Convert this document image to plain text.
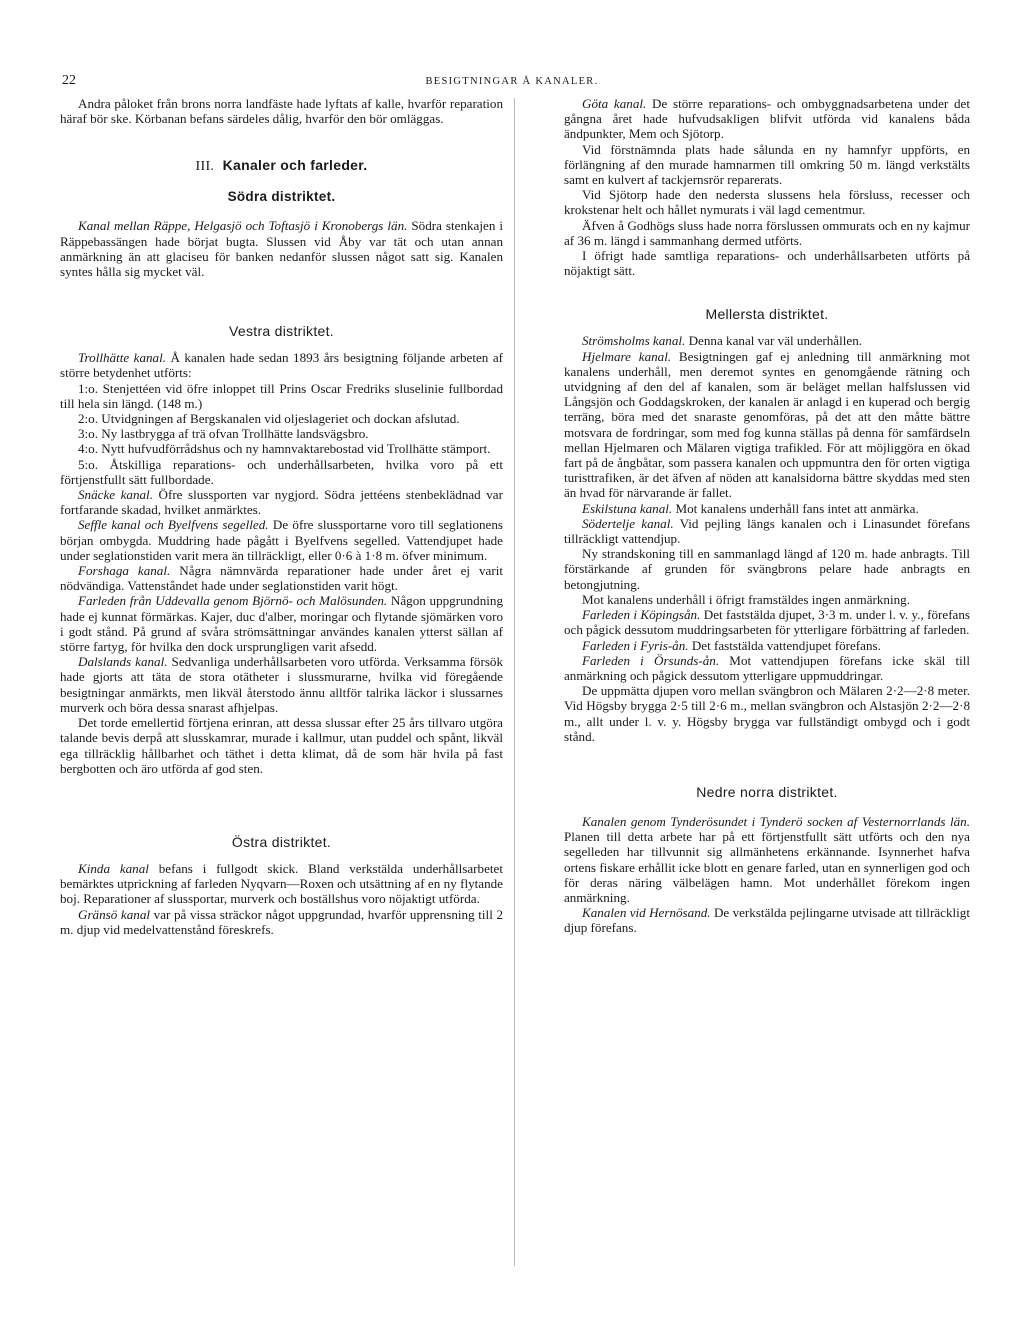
22	BESIGTNINGAR Å KANALER.

Andra påloket från brons norra landfäste hade lyftats af kalle, hvarför reparation häraf bör ske. Körbanan befans särdeles dålig, hvarför den bör omläggas.

III. Kanaler och farleder.
Södra distriktet.

Kanal mellan Räppe, Helgasjö och Toftasjö i Kronobergs län. Södra stenkajen i Räppebassängen hade börjat bugta. Slussen vid Åby var tät och utan annan anmärkning än att glaciseu för banken nedanför slussen något satt sig. Kanalen syntes hålla sig mycket väl.

Vestra distriktet.

Trollhätte kanal. Å kanalen hade sedan 1893 års besigtning följande arbeten af större betydenhet utförts:

1:o. Stenjettéen vid öfre inloppet till Prins Oscar Fredriks sluselinie fullbordad till hela sin längd. (148 m.)

2:o. Utvidgningen af Bergskanalen vid oljeslageriet och dockan afslutad.

3:o. Ny lastbrygga af trä ofvan Trollhätte landsvägsbro.

4:o. Nytt hufvudförrådshus och ny hamnvaktarebostad vid Trollhätte stämport.

5:o. Åtskilliga reparations- och underhållsarbeten, hvilka voro på ett förtjenstfullt sätt fullbordade.

Snäcke kanal. Öfre slussporten var nygjord. Södra jettéens stenbeklädnad var fortfarande skadad, hvilket anmärktes.

Seffle kanal och Byelfvens segelled. De öfre slussportarne voro till seglationens början ombygda. Muddring hade pågått i Byelfvens segelled. Vattendjupet hade under seglationstiden varit mera än tillräckligt, eller 0·6 à 1·8 m. öfver minimum.

Forshaga kanal. Några nämnvärda reparationer hade under året ej varit nödvändiga. Vattenståndet hade under seglationstiden varit högt.

Farleden från Uddevalla genom Björnö- och Malösunden. Någon uppgrundning hade ej kunnat förmärkas. Kajer, duc d'alber, moringar och flytande sjömärken voro i godt stånd. På grund af svåra strömsättningar användes kanalen ytterst sällan af större fartyg, för hvilka den dock ursprungligen varit afsedd.

Dalslands kanal. Sedvanliga underhållsarbeten voro utförda. Verksamma försök hade gjorts att täta de stora otätheter i slussmurarne, hvilka vid föregående besigtningar anmärkts, men likväl återstodo ännu alltför talrika läckor i slussarnes murverk och böra dessa snarast afhjelpas.

Det torde emellertid förtjena erinran, att dessa slussar efter 25 års tillvaro utgöra talande bevis derpå att slusskamrar, murade i kallmur, utan puddel och spånt, likväl ega tillräcklig hållbarhet och täthet i detta klimat, då de som här hvila på fast bergbotten och äro utförda af god sten.

Östra distriktet.

Kinda kanal befans i fullgodt skick. Bland verkstälda underhållsarbetet bemärktes utprickning af farleden Nyqvarn—Roxen och utsättning af en ny flytande boj. Reparationer af slussportar, murverk och boställshus voro nöjaktigt utförda.

Gränsö kanal var på vissa sträckor något uppgrundad, hvarför upprensning till 2 m. djup vid medelvattenstånd föreskrefs.

Göta kanal. De större reparations- och ombyggnadsarbetena under det gångna året hade hufvudsakligen blifvit utförda vid kanalens båda ändpunkter, Mem och Sjötorp.

Vid förstnämnda plats hade sålunda en ny hamnfyr uppförts, en förlängning af den murade hamnarmen till omkring 50 m. längd verkstälts samt en kulvert af tackjernsrör reparerats.

Vid Sjötorp hade den nedersta slussens hela försluss, recesser och krokstenar helt och hållet nymurats i väl lagd cementmur.

Äfven å Godhögs sluss hade norra förslussen ommurats och en ny kajmur af 36 m. längd i sammanhang dermed utförts.

I öfrigt hade samtliga reparations- och underhållsarbeten utförts på nöjaktigt sätt.

Mellersta distriktet.

Strömsholms kanal. Denna kanal var väl underhållen.

Hjelmare kanal. Besigtningen gaf ej anledning till anmärkning mot kanalens underhåll, men deremot syntes en genomgående rätning och utvidgning af den del af kanalen, som är beläget mellan halfslussen vid Långsjön och Goddagskroken, der kanalen är anlagd i en kuperad och bergig terräng, böra med det snaraste genomföras, på det att den måtte bättre motsvara de fordringar, som med fog kunna ställas på denna för samfärdseln mellan Hjelmaren och Mälaren vigtiga trafikled. För att möjliggöra en ökad fart på de ångbåtar, som passera kanalen och uppmuntra den för orten vigtiga turisttrafiken, är det äfven af nöden att kanalsidorna bättre skyddas med sten än hvad för närvarande är fallet.

Eskilstuna kanal. Mot kanalens underhåll fans intet att anmärka.

Södertelje kanal. Vid pejling längs kanalen och i Linasundet förefans tillräckligt vattendjup.

Ny strandskoning till en sammanlagd längd af 120 m. hade anbragts. Till förstärkande af grunden för svängbrons pelare hade anbragts en betongjutning.

Mot kanalens underhåll i öfrigt framstäldes ingen anmärkning.

Farleden i Köpingsån. Det faststälda djupet, 3·3 m. under l. v. y., förefans och pågick dessutom muddringsarbeten för ytterligare förbättring af farleden.

Farleden i Fyris-ån. Det faststälda vattendjupet förefans.

Farleden i Örsunds-ån. Mot vattendjupen förefans icke skäl till anmärkning och pågick dessutom ytterligare uppmuddringar.

De uppmätta djupen voro mellan svängbron och Mälaren 2·2—2·8 meter. Vid Högsby brygga 2·5 till 2·6 m., mellan svängbron och Alstasjön 2·2—2·8 m., allt under l. v. y. Högsby brygga var fullständigt ombygd och i godt stånd.

Nedre norra distriktet.

Kanalen genom Tynderösundet i Tynderö socken af Vesternorrlands län. Planen till detta arbete har på ett förtjenstfullt sätt utförts och den nya segelleden har tillvunnit sig allmänhetens erkännande. Isynnerhet hafva ortens fiskare erhållit icke blott en genare farled, utan en synnerligen god och för deras näring välbelägen hamn. Mot underhållet förekom ingen anmärkning.

Kanalen vid Hernösand. De verkstälda pejlingarne utvisade att tillräckligt djup förefans.
